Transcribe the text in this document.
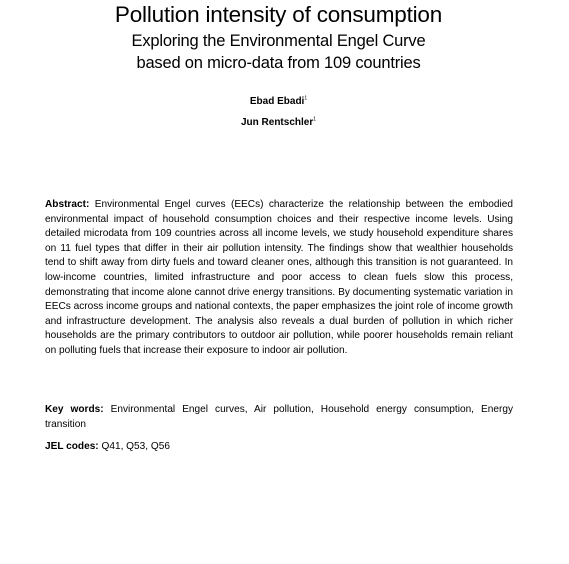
Pollution intensity of consumption
Exploring the Environmental Engel Curve
based on micro-data from 109 countries
Ebad Ebadi$^1$
Jun Rentschler$^1$
Abstract: Environmental Engel curves (EECs) characterize the relationship between the embodied environmental impact of household consumption choices and their respective income levels. Using detailed microdata from 109 countries across all income levels, we study household expenditure shares on 11 fuel types that differ in their air pollution intensity. The findings show that wealthier households tend to shift away from dirty fuels and toward cleaner ones, although this transition is not guaranteed. In low-income countries, limited infrastructure and poor access to clean fuels slow this process, demonstrating that income alone cannot drive energy transitions. By documenting systematic variation in EECs across income groups and national contexts, the paper emphasizes the joint role of income growth and infrastructure development. The analysis also reveals a dual burden of pollution in which richer households are the primary contributors to outdoor air pollution, while poorer households remain reliant on polluting fuels that increase their exposure to indoor air pollution.
Key words: Environmental Engel curves, Air pollution, Household energy consumption, Energy transition
JEL codes: Q41, Q53, Q56
